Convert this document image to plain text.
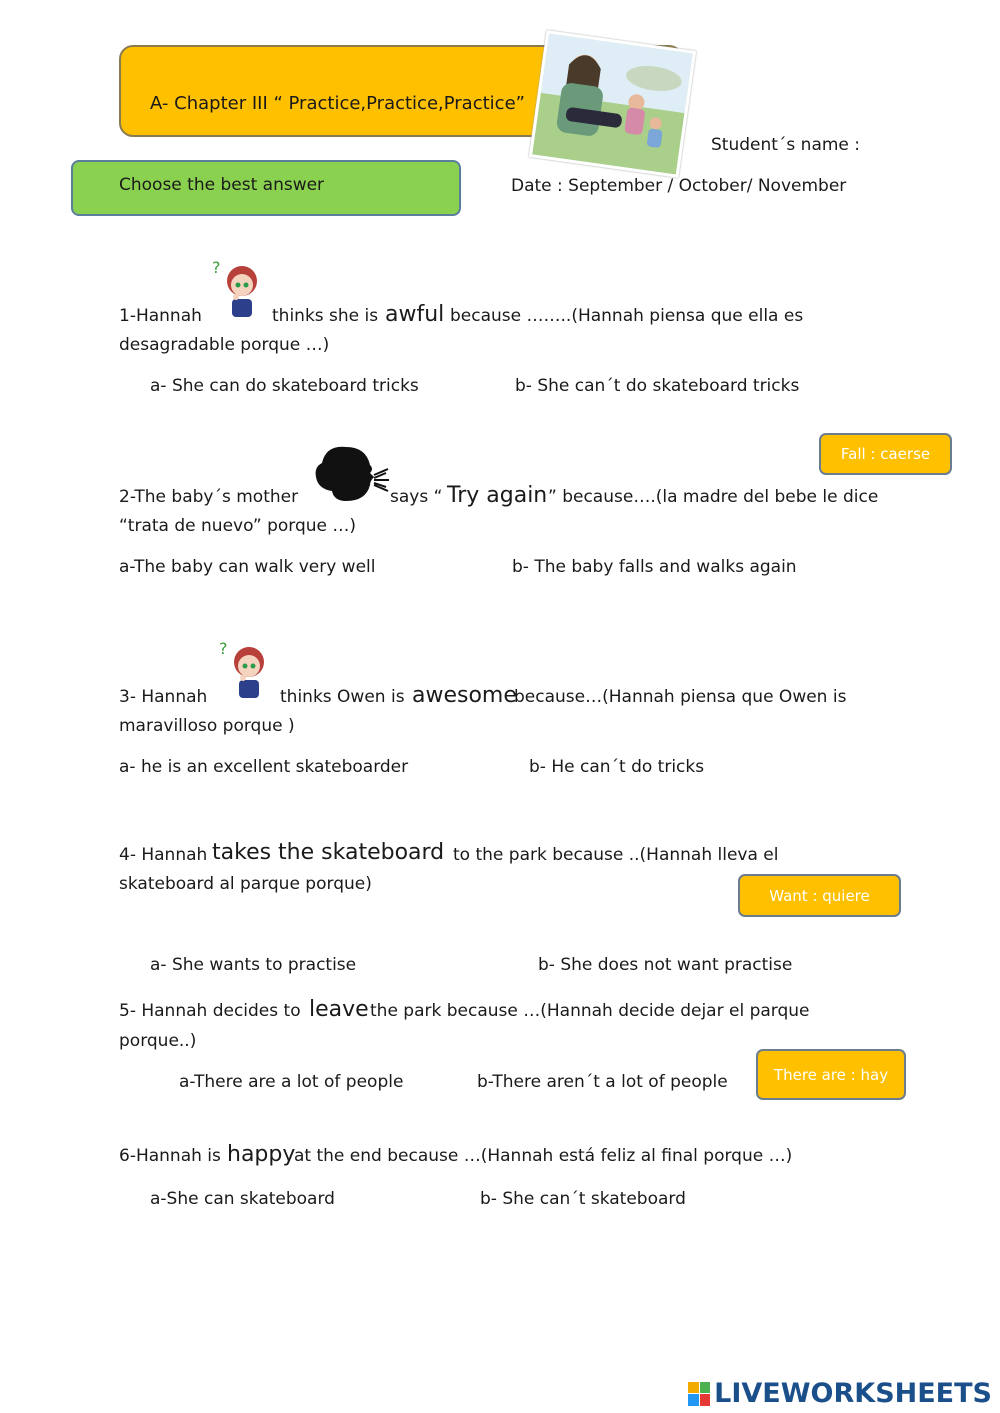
A- Chapter III “ Practice,Practice,Practice”
Student´s name :
Choose the best answer	Date : September / October/ November
1-Hannah
?
thinks she is awful because ……..(Hannah piensa que ella es
desagradable porque …)
a- She can do skateboard tricks	b- She can´t do skateboard tricks
Fall : caerse
2-The baby´s mother	says “ Try again ” because….(la madre del bebe le dice
“trata de nuevo” porque …)
a-The baby can walk very well	b- The baby falls and walks again
3- Hannah
?
thinks Owen is awesome
because…(Hannah piensa que Owen is
maravilloso porque )
a- he is an excellent skateboarder	b- He can´t do tricks
4- Hannah takes the skateboard to the park because ..(Hannah lleva el
skateboard al parque porque)
Want : quiere
a- She wants to practise	b- She does not want practise
5- Hannah decides to leave the park because …(Hannah decide dejar el parque
porque..)
a-There are a lot of people	b-There aren´t a lot of people	There are : hay
6-Hannah is happy
at the end because …(Hannah está feliz al final porque …)
a-She can skateboard	b- She can´t skateboard
LIVEWORKSHEETS
